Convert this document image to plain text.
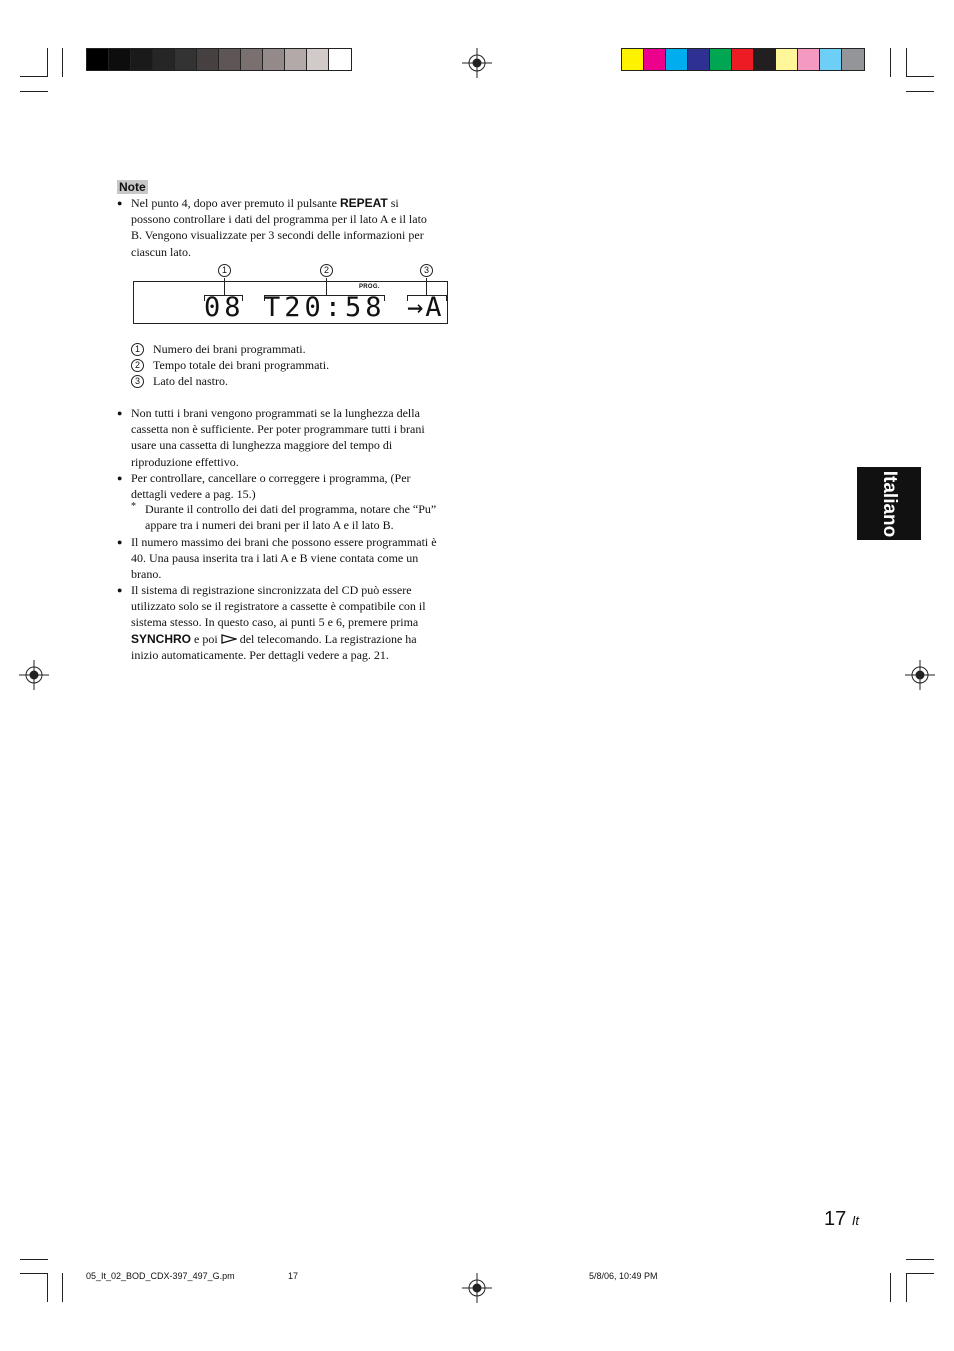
Note
● Nel punto 4, dopo aver premuto il pulsante REPEAT si
possono controllare i dati del programma per il lato A e il lato
B. Vengono visualizzate per 3 secondi delle informazioni per
ciascun lato.
1	2	3
PROG.
08 T20:58 →A
1 Numero dei brani programmati.
2 Tempo totale dei brani programmati.
3 Lato del nastro.
● Non tutti i brani vengono programmati se la lunghezza della
cassetta non è sufficiente. Per poter programmare tutti i brani
usare una cassetta di lunghezza maggiore del tempo di
riproduzione effettivo.
● Per controllare, cancellare o correggere i programma, (Per
dettagli vedere a pag. 15.)
* Durante il controllo dei dati del programma, notare che “Pu”
appare tra i numeri dei brani per il lato A e il lato B.
● Il numero massimo dei brani che possono essere programmati è
40. Una pausa inserita tra i lati A e B viene contata come un
brano.
● Il sistema di registrazione sincronizzata del CD può essere
utilizzato solo se il registratore a cassette è compatibile con il
sistema stesso. In questo caso, ai punti 5 e 6, premere prima
SYNCHRO e poi  del telecomando. La registrazione ha
inizio automaticamente. Per dettagli vedere a pag. 21.
Italiano
17 It
05_It_02_BOD_CDX-397_497_G.pm	17	5/8/06, 10:49 PM
